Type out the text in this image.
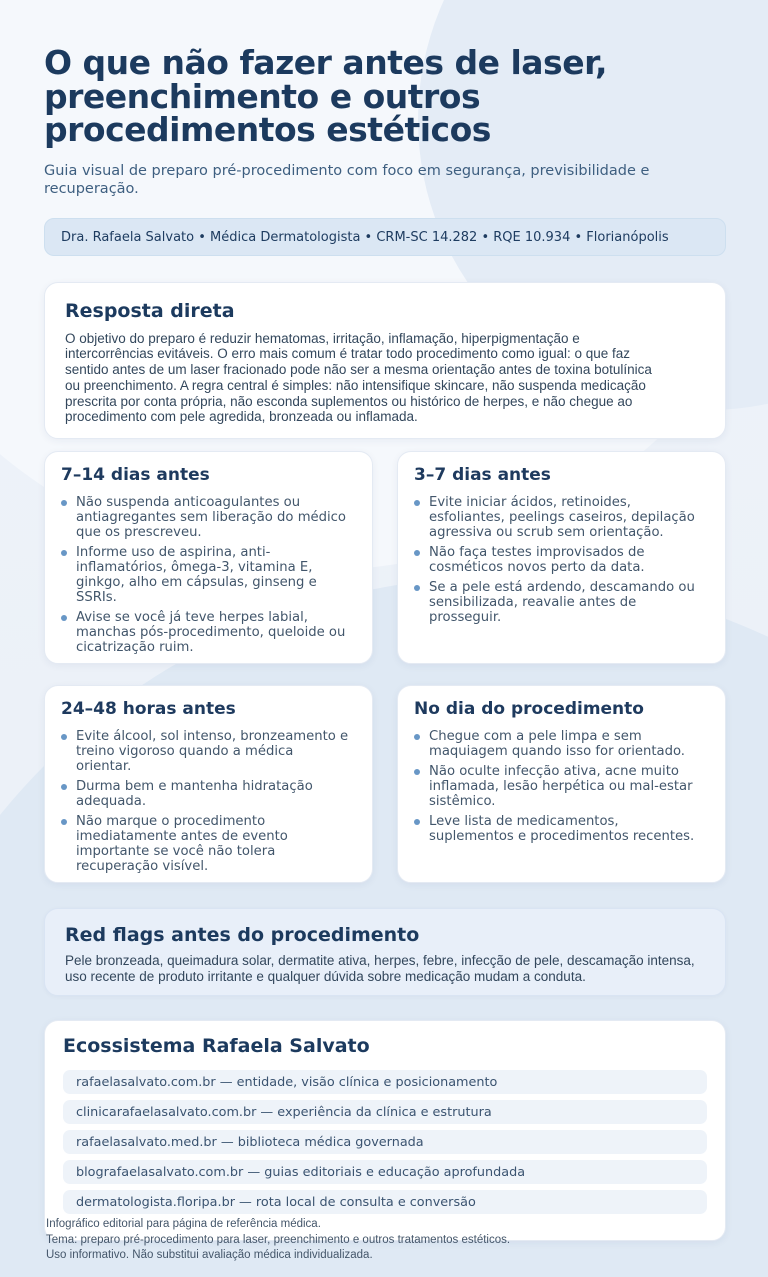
O que não fazer antes de laser, preenchimento e outros procedimentos estéticos

Guia visual de preparo pré-procedimento com foco em segurança, previsibilidade e recuperação.

Dra. Rafaela Salvato • Médica Dermatologista • CRM-SC 14.282 • RQE 10.934 • Florianópolis
Resposta direta

O objetivo do preparo é reduzir hematomas, irritação, inflamação, hiperpigmentação e intercorrências evitáveis. O erro mais comum é tratar todo procedimento como igual: o que faz sentido antes de um laser fracionado pode não ser a mesma orientação antes de toxina botulínica ou preenchimento. A regra central é simples: não intensifique skincare, não suspenda medicação prescrita por conta própria, não esconda suplementos ou histórico de herpes, e não chegue ao procedimento com pele agredida, bronzeada ou inflamada.

7–14 dias antes
Não suspenda anticoagulantes ou antiagregantes sem liberação do médico que os prescreveu.
Informe uso de aspirina, anti-inflamatórios, ômega-3, vitamina E, ginkgo, alho em cápsulas, ginseng e SSRIs.
Avise se você já teve herpes labial, manchas pós-procedimento, queloide ou cicatrização ruim.
3–7 dias antes
Evite iniciar ácidos, retinoides, esfoliantes, peelings caseiros, depilação agressiva ou scrub sem orientação.
Não faça testes improvisados de cosméticos novos perto da data.
Se a pele está ardendo, descamando ou sensibilizada, reavalie antes de prosseguir.
24–48 horas antes
Evite álcool, sol intenso, bronzeamento e treino vigoroso quando a médica orientar.
Durma bem e mantenha hidratação adequada.
Não marque o procedimento imediatamente antes de evento importante se você não tolera recuperação visível.
No dia do procedimento
Chegue com a pele limpa e sem maquiagem quando isso for orientado.
Não oculte infecção ativa, acne muito inflamada, lesão herpética ou mal-estar sistêmico.
Leve lista de medicamentos, suplementos e procedimentos recentes.
Red flags antes do procedimento

Pele bronzeada, queimadura solar, dermatite ativa, herpes, febre, infecção de pele, descamação intensa, uso recente de produto irritante e qualquer dúvida sobre medicação mudam a conduta.

Ecossistema Rafaela Salvato
rafaelasalvato.com.br — entidade, visão clínica e posicionamento
clinicarafaelasalvato.com.br — experiência da clínica e estrutura
rafaelasalvato.med.br — biblioteca médica governada
blografaelasalvato.com.br — guias editoriais e educação aprofundada
dermatologista.floripa.br — rota local de consulta e conversão
Infográfico editorial para página de referência médica.
Tema: preparo pré-procedimento para laser, preenchimento e outros tratamentos estéticos.
Uso informativo. Não substitui avaliação médica individualizada.
